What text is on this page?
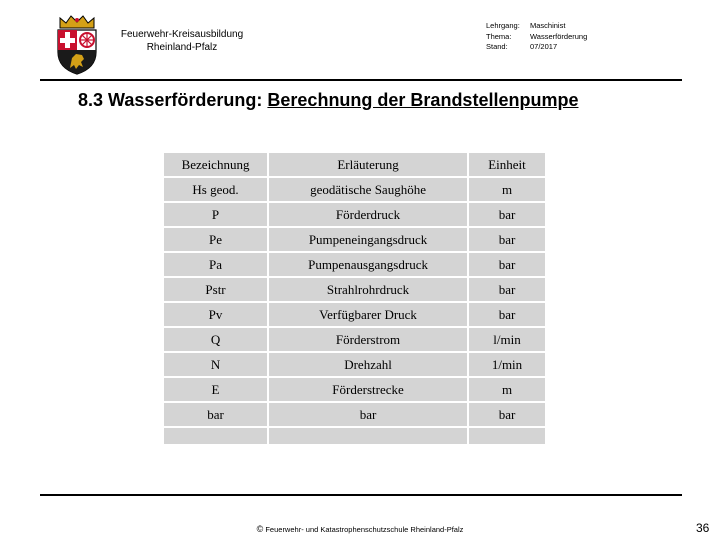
Feuerwehr-Kreisausbildung
Rheinland-Pfalz
Lehrgang:	Maschinist
Thema:	Wasserförderung
Stand:	07/2017
8.3 Wasserförderung: Berechnung der Brandstellenpumpe
Bezeichnung	Erläuterung	Einheit
Hs geod.	geodätische Saughöhe	m
P	Förderdruck	bar
Pe	Pumpeneingangsdruck	bar
Pa	Pumpenausgangsdruck	bar
Pstr	Strahlrohrdruck	bar
Pv	Verfügbarer Druck	bar
Q	Förderstrom	l/min
N	Drehzahl	1/min
E	Förderstrecke	m
bar	bar	bar

© Feuerwehr- und Katastrophenschutzschule Rheinland-Pfalz	36
